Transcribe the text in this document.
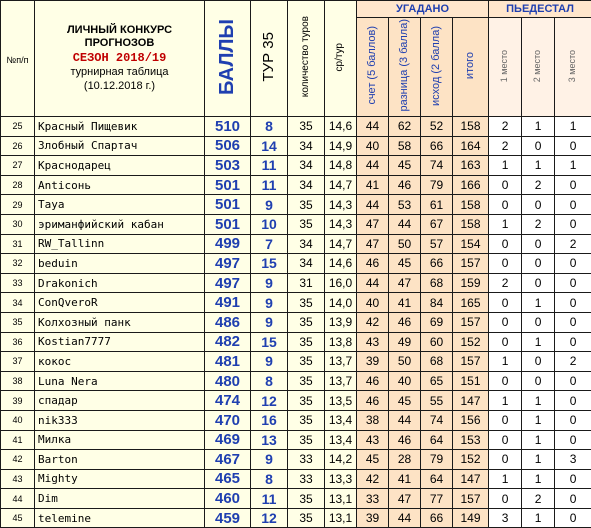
№п/п	ЛИЧНЫЙ КОНКУРС
ПРОГНОЗОВ
СЕЗОН 2018/19
турнирная таблица
(10.12.2018 г.)	БАЛЛЫ	ТУР 35	количество туров	ср/тур	УГАДАНО				ПЬЕДЕСТАЛ		
						счет (5 баллов)	разница (3 балла)	исход (2 балла)	итого	1 место	2 место	3 место
25	Красный Пищевик	510	8	35	14,6	44	62	52	158	2	1	1
26	Злобный Спартач	506	14	34	14,9	40	58	66	164	2	0	0
27	Краснодарец	503	11	34	14,8	44	45	74	163	1	1	1
28	Anticoнь	501	11	34	14,7	41	46	79	166	0	2	0
29	Taya	501	9	35	14,3	44	53	61	158	0	0	0
30	эримaнфийский кабан	501	10	35	14,3	47	44	67	158	1	2	0
31	RW_Tallinn	499	7	34	14,7	47	50	57	154	0	0	2
32	beduin	497	15	34	14,6	46	45	66	157	0	0	0
33	Drakonich	497	9	31	16,0	44	47	68	159	2	0	0
34	ConQveroR	491	9	35	14,0	40	41	84	165	0	1	0
35	Колхозный панк	486	9	35	13,9	42	46	69	157	0	0	0
36	Kostian7777	482	15	35	13,8	43	49	60	152	0	1	0
37	кокос	481	9	35	13,7	39	50	68	157	1	0	2
38	Luna Nera	480	8	35	13,7	46	40	65	151	0	0	0
39	спадар	474	12	35	13,5	46	45	55	147	1	1	0
40	nik333	470	16	35	13,4	38	44	74	156	0	1	0
41	Милка	469	13	35	13,4	43	46	64	153	0	1	0
42	Barton	467	9	33	14,2	45	28	79	152	0	1	3
43	Mighty	465	8	33	13,3	42	41	64	147	1	1	0
44	Dim	460	11	35	13,1	33	47	77	157	0	2	0
45	telemine	459	12	35	13,1	39	44	66	149	3	1	0
